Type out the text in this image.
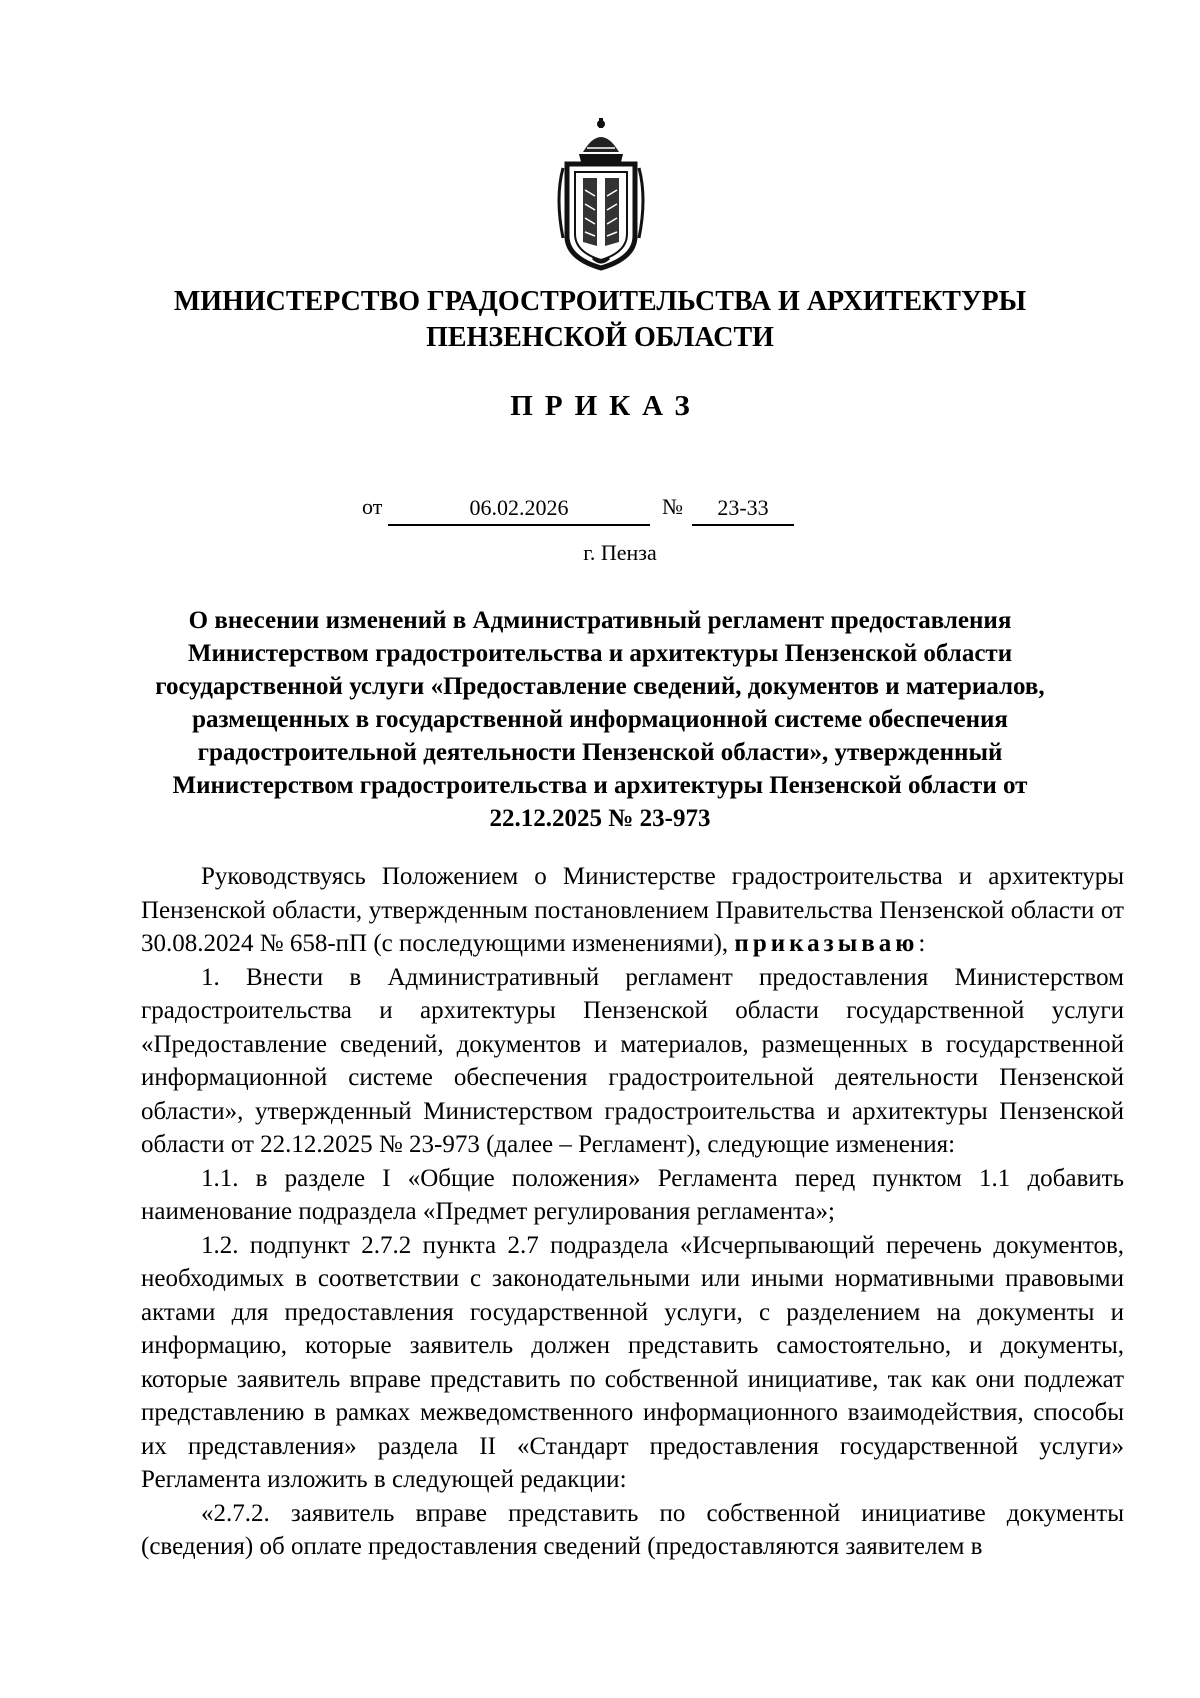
МИНИСТЕРСТВО ГРАДОСТРОИТЕЛЬСТВА И АРХИТЕКТУРЫ
ПЕНЗЕНСКОЙ ОБЛАСТИ
ПРИКАЗ
от	06.02.2026	№	23-33
г. Пенза
О внесении изменений в Административный регламент предоставления Министерством градостроительства и архитектуры Пензенской области государственной услуги «Предоставление сведений, документов и материалов, размещенных в государственной информационной системе обеспечения градостроительной деятельности Пензенской области», утвержденный Министерством градостроительства и архитектуры Пензенской области от 22.12.2025 № 23-973

Руководствуясь Положением о Министерстве градостроительства и архитектуры Пензенской области, утвержденным постановлением Правительства Пензенской области от 30.08.2024 № 658-пП (с последующими изменениями), приказываю:

1. Внести в Административный регламент предоставления Министерством градостроительства и архитектуры Пензенской области государственной услуги «Предоставление сведений, документов и материалов, размещенных в государственной информационной системе обеспечения градостроительной деятельности Пензенской области», утвержденный Министерством градостроительства и архитектуры Пензенской области от 22.12.2025 № 23-973 (далее – Регламент), следующие изменения:

1.1. в разделе I «Общие положения» Регламента перед пунктом 1.1 добавить наименование подраздела «Предмет регулирования регламента»;

1.2. подпункт 2.7.2 пункта 2.7 подраздела «Исчерпывающий перечень документов, необходимых в соответствии с законодательными или иными нормативными правовыми актами для предоставления государственной услуги, с разделением на документы и информацию, которые заявитель должен представить самостоятельно, и документы, которые заявитель вправе представить по собственной инициативе, так как они подлежат представлению в рамках межведомственного информационного взаимодействия, способы их представления» раздела II «Стандарт предоставления государственной услуги» Регламента изложить в следующей редакции:

«2.7.2. заявитель вправе представить по собственной инициативе документы (сведения) об оплате предоставления сведений (предоставляются заявителем в
